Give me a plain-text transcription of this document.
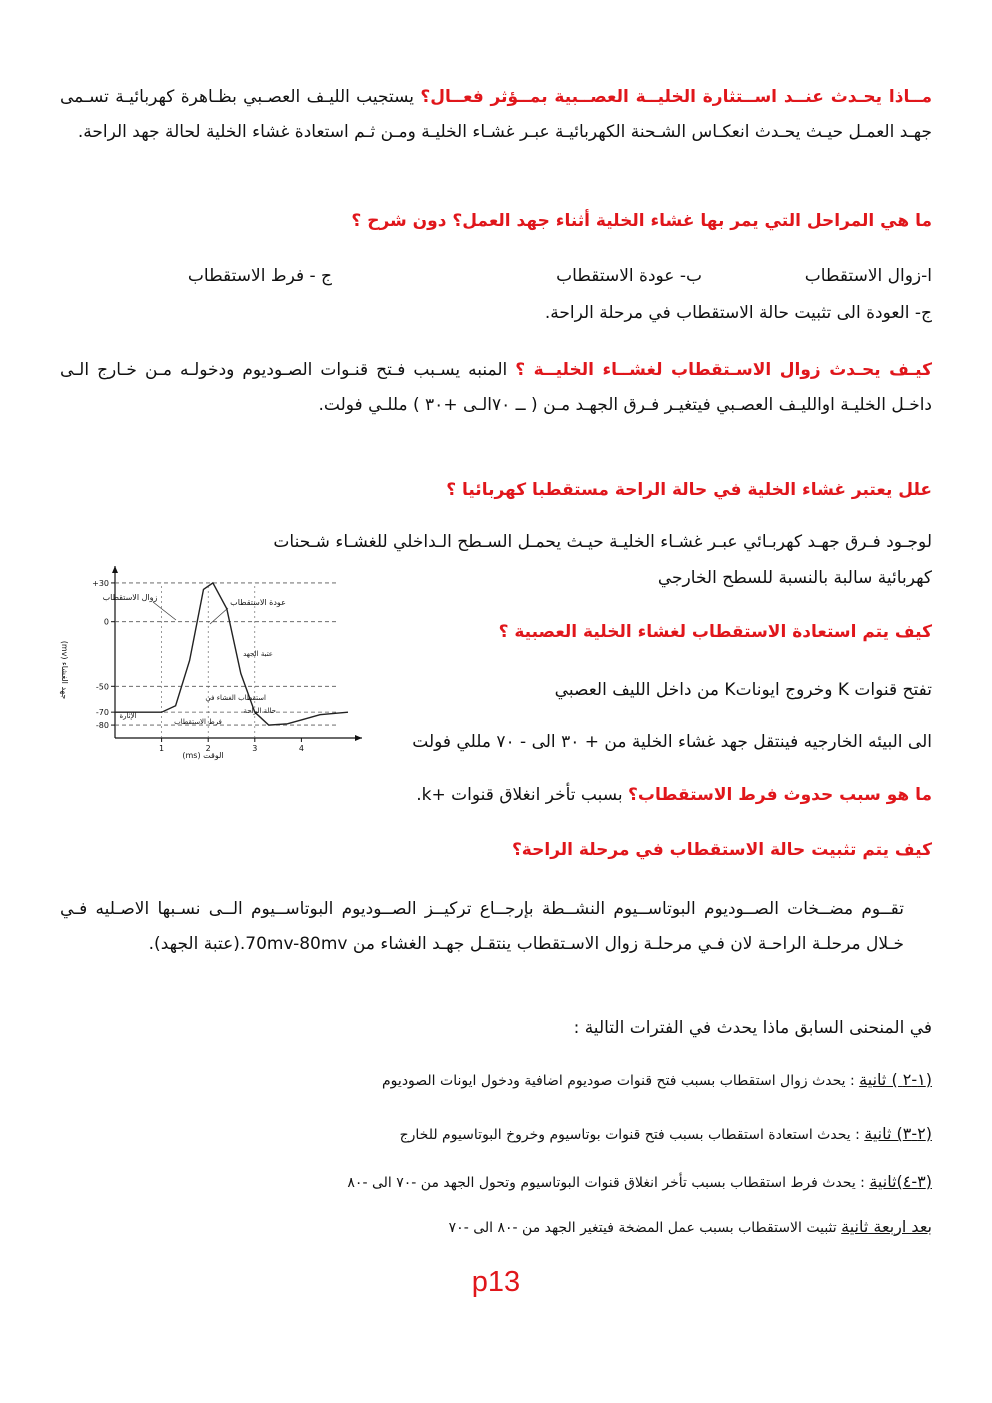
مــاذا يحـدث عنــد اســتثارة الخليــة العصــبية بمــؤثر فعــال؟ يستجيب الليـف العصـبي بظـاهرة كهربائيـة تسـمى جهـد العمـل حيـث يحـدث انعكـاس الشـحنة الكهربائيـة عبـر غشـاء الخليـة ومـن ثـم استعادة غشاء الخلية لحالة جهد الراحة.
ما هي المراحل التي يمر بها غشاء الخلية أثناء جهد العمل؟ دون شرح ؟
ا-زوال الاستقطاب
ب- عودة الاستقطاب
ج - فرط الاستقطاب
ج- العودة الى تثبيت حالة الاستقطاب في مرحلة الراحة.
كيـف يحـدث زوال الاسـتقطاب لغشــاء الخليــة ؟ المنبه يسـبب فـتح قنـوات الصـوديوم ودخولـه مـن خـارج الـى داخـل الخليـة اوالليـف العصـبي فيتغيـر فـرق الجهـد مـن ( ــ ٧٠الـى +٣٠ ) مللـي فولت.
علل يعتبر غشاء الخلية في حالة الراحة مستقطبا كهربائيا ؟
لوجـود فـرق جهـد كهربـائي عبـر غشـاء الخليـة حيـث يحمـل السـطح الـداخلي للغشـاء شـحنات
كهربائية سالبة بالنسبة للسطح الخارجي
كيف يتم استعادة الاستقطاب لغشاء الخلية العصبية ؟
تفتح قنوات K وخروج ايوناتK من داخل الليف العصبي
الى البيئه الخارجيه فينتقل جهد غشاء الخلية من + ٣٠ الى - ٧٠ مللي فولت
+30
0
-50
-70
-80
1	2	3	4
زوال الاستقطاب
عودة الاستقطاب
عتبة الجهد
استقطاب الغشاء في
حالة الراحة
الإثارة
فرط الاستقطاب
الوقت (ms)
جهد الغشاء (mv)
ما هو سبب حدوث فرط الاستقطاب؟ بسبب تأخر انغلاق قنوات +k.
كيف يتم تثبيت حالة الاستقطاب في مرحلة الراحة؟
تقــوم مضــخات الصــوديوم البوتاســيوم النشــطة بإرجــاع تركيــز الصــوديوم البوتاســيوم الــى نسـبها الاصـليه فـي خـلال مرحلـة الراحـة لان فـي مرحلـة زوال الاسـتقطاب ينتقـل جهـد الغشاء من 70mv-80mv.(عتبة الجهد).
في المنحنى السابق ماذا يحدث في الفترات التالية :
(١-٢ ) ثانية : يحدث زوال استقطاب بسبب فتح قنوات صوديوم اضافية ودخول ايونات الصوديوم
(٢-٣) ثانية : يحدث استعادة استقطاب بسبب فتح قنوات بوتاسيوم وخروخ البوتاسيوم للخارج
(٣-٤)ثانية : يحدث فرط استقطاب بسبب تأخر انغلاق قنوات البوتاسيوم وتحول الجهد من -٧٠ الى -٨٠
بعد اربعة ثانية تثبيت الاستقطاب بسبب عمل المضخة فيتغير الجهد من -٨٠ الى -٧٠
p13
